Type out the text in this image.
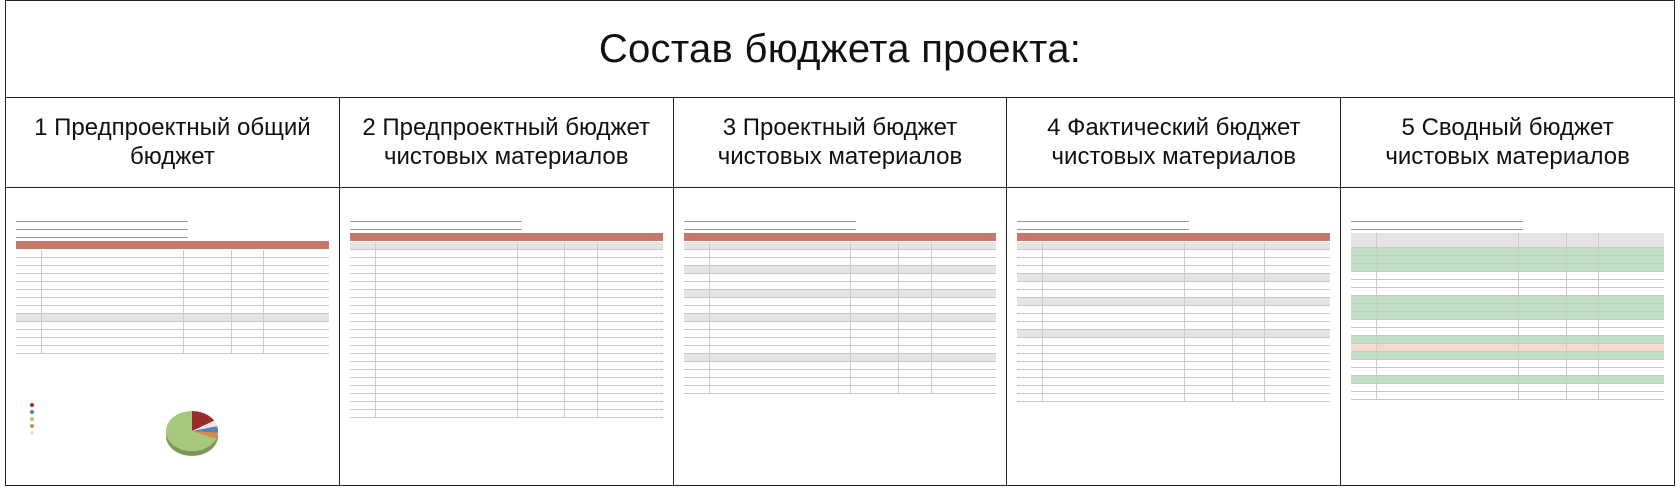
Состав бюджета проекта:
1 Предпроектный общий бюджет
2 Предпроектный бюджет чистовых материалов
3 Проектный бюджет чистовых материалов
4 Фактический бюджет чистовых материалов
5 Сводный бюджет чистовых материалов
